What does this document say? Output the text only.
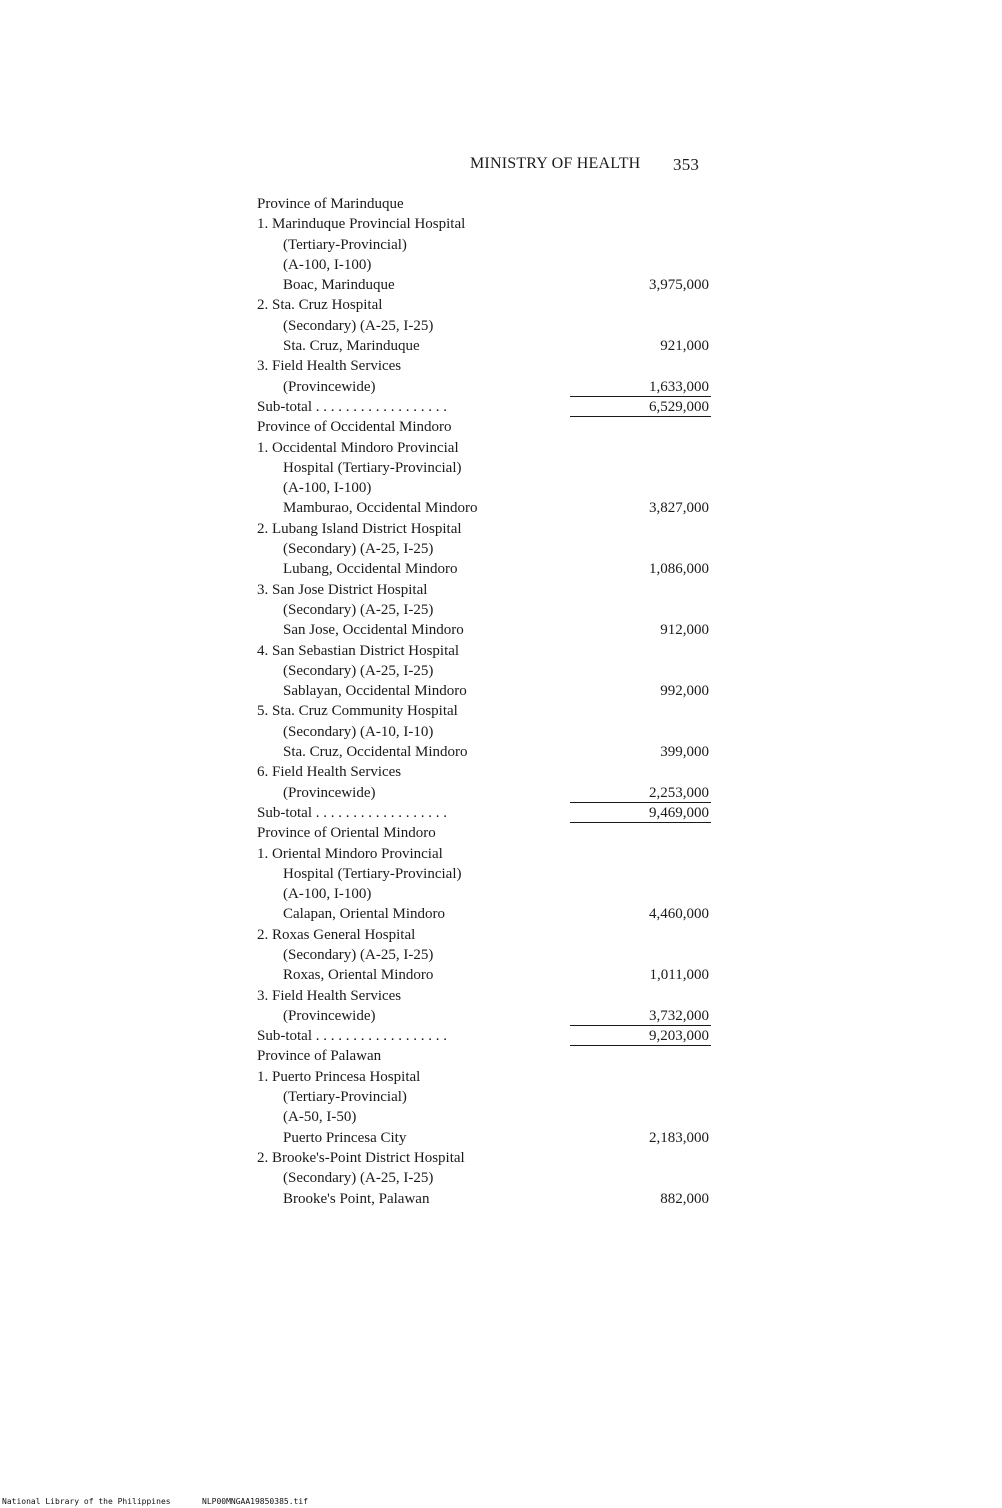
MINISTRY OF HEALTH 353
Province of Marinduque
1. Marinduque Provincial Hospital
(Tertiary-Provincial)
(A-100, I-100)
Boac, Marinduque	3,975,000
2. Sta. Cruz Hospital
(Secondary) (A-25, I-25)
Sta. Cruz, Marinduque	921,000
3. Field Health Services
(Provincewide)	1,633,000
Sub-total . . . . . . . . . . . . . . . . . .	6,529,000
Province of Occidental Mindoro
1. Occidental Mindoro Provincial
Hospital (Tertiary-Provincial)
(A-100, I-100)
Mamburao, Occidental Mindoro	3,827,000
2. Lubang Island District Hospital
(Secondary) (A-25, I-25)
Lubang, Occidental Mindoro	1,086,000
3. San Jose District Hospital
(Secondary) (A-25, I-25)
San Jose, Occidental Mindoro	912,000
4. San Sebastian District Hospital
(Secondary) (A-25, I-25)
Sablayan, Occidental Mindoro	992,000
5. Sta. Cruz Community Hospital
(Secondary) (A-10, I-10)
Sta. Cruz, Occidental Mindoro	399,000
6. Field Health Services
(Provincewide)	2,253,000
Sub-total . . . . . . . . . . . . . . . . . .	9,469,000
Province of Oriental Mindoro
1. Oriental Mindoro Provincial
Hospital (Tertiary-Provincial)
(A-100, I-100)
Calapan, Oriental Mindoro	4,460,000
2. Roxas General Hospital
(Secondary) (A-25, I-25)
Roxas, Oriental Mindoro	1,011,000
3. Field Health Services
(Provincewide)	3,732,000
Sub-total . . . . . . . . . . . . . . . . . .	9,203,000
Province of Palawan
1. Puerto Princesa Hospital
(Tertiary-Provincial)
(A-50, I-50)
Puerto Princesa City	2,183,000
2. Brooke's-Point District Hospital
(Secondary) (A-25, I-25)
Brooke's Point, Palawan	882,000
National Library of the Philippines	NLP00MNGAA19850385.tif
